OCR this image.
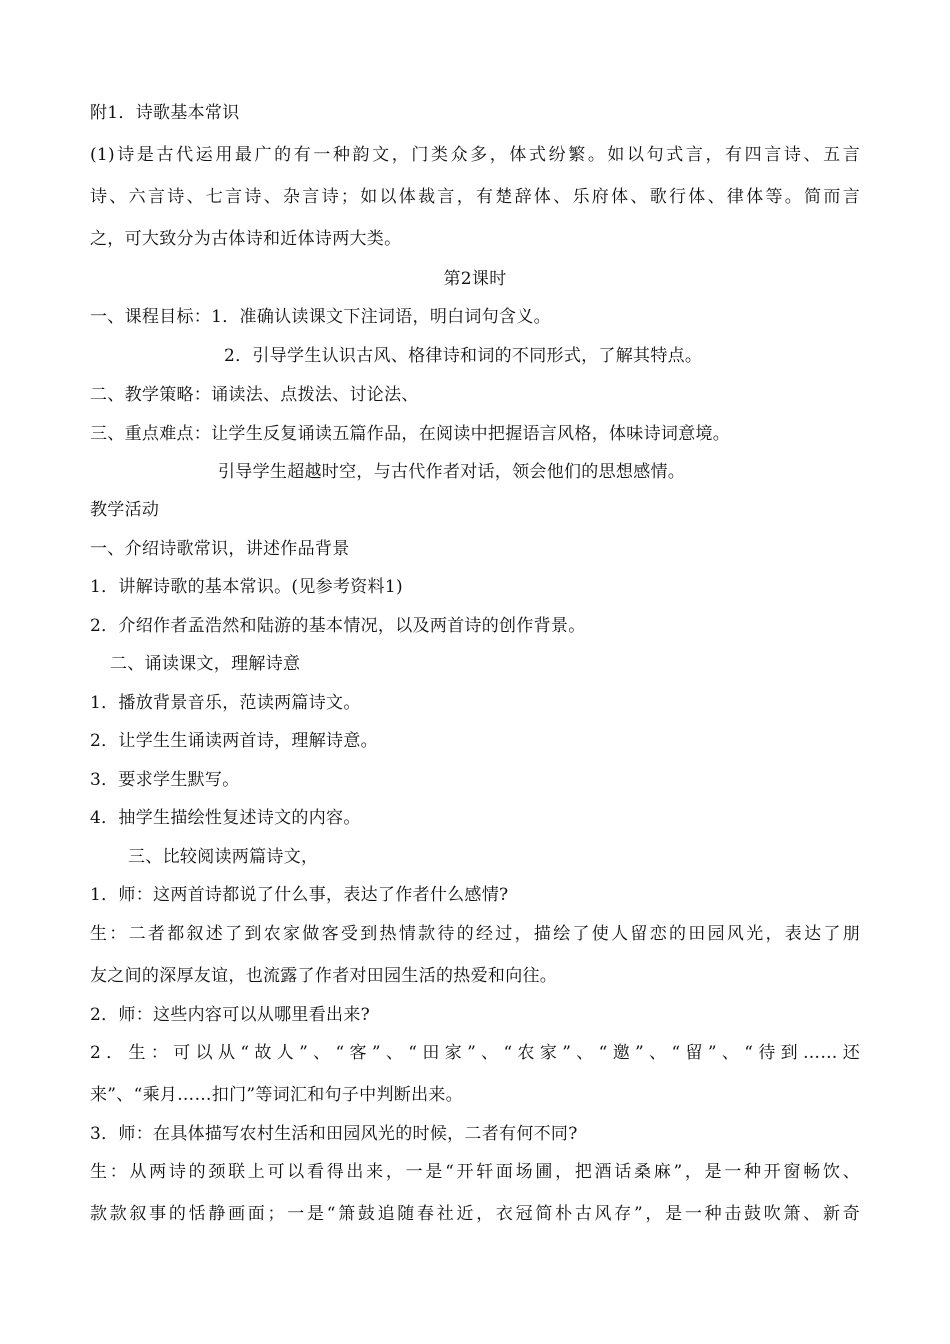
附1．诗歌基本常识
(1)诗是古代运用最广的有一种韵文，门类众多，体式纷繁。如以句式言，有四言诗、五言
诗、六言诗、七言诗、杂言诗；如以体裁言，有楚辞体、乐府体、歌行体、律体等。简而言
之，可大致分为古体诗和近体诗两大类。
第2课时
一、课程目标：1．准确认读课文下注词语，明白词句含义。
2．引导学生认识古风、格律诗和词的不同形式，了解其特点。
二、教学策略：诵读法、点拨法、讨论法、
三、重点难点：让学生反复诵读五篇作品，在阅读中把握语言风格，体味诗词意境。
引导学生超越时空，与古代作者对话，领会他们的思想感情。
教学活动
一、介绍诗歌常识，讲述作品背景
1．讲解诗歌的基本常识。(见参考资料1)
2．介绍作者孟浩然和陆游的基本情况，以及两首诗的创作背景。
二、诵读课文，理解诗意
1．播放背景音乐，范读两篇诗文。
2．让学生生诵读两首诗，理解诗意。
3．要求学生默写。
4．抽学生描绘性复述诗文的内容。
三、比较阅读两篇诗文，
1．师：这两首诗都说了什么事，表达了作者什么感情?
生：二者都叙述了到农家做客受到热情款待的经过，描绘了使人留恋的田园风光，表达了朋
友之间的深厚友谊，也流露了作者对田园生活的热爱和向往。
2．师：这些内容可以从哪里看出来?
2．生：可以从“故人”、“客”、“田家”、“农家”、“邀”、“留”、“待到……还
来”、“乘月……扣门”等词汇和句子中判断出来。
3．师：在具体描写农村生活和田园风光的时候，二者有何不同?
生：从两诗的颈联上可以看得出来，一是“开轩面场圃，把酒话桑麻”，是一种开窗畅饮、
款款叙事的恬静画面；一是“箫鼓追随春社近，衣冠简朴古风存”，是一种击鼓吹箫、新奇
